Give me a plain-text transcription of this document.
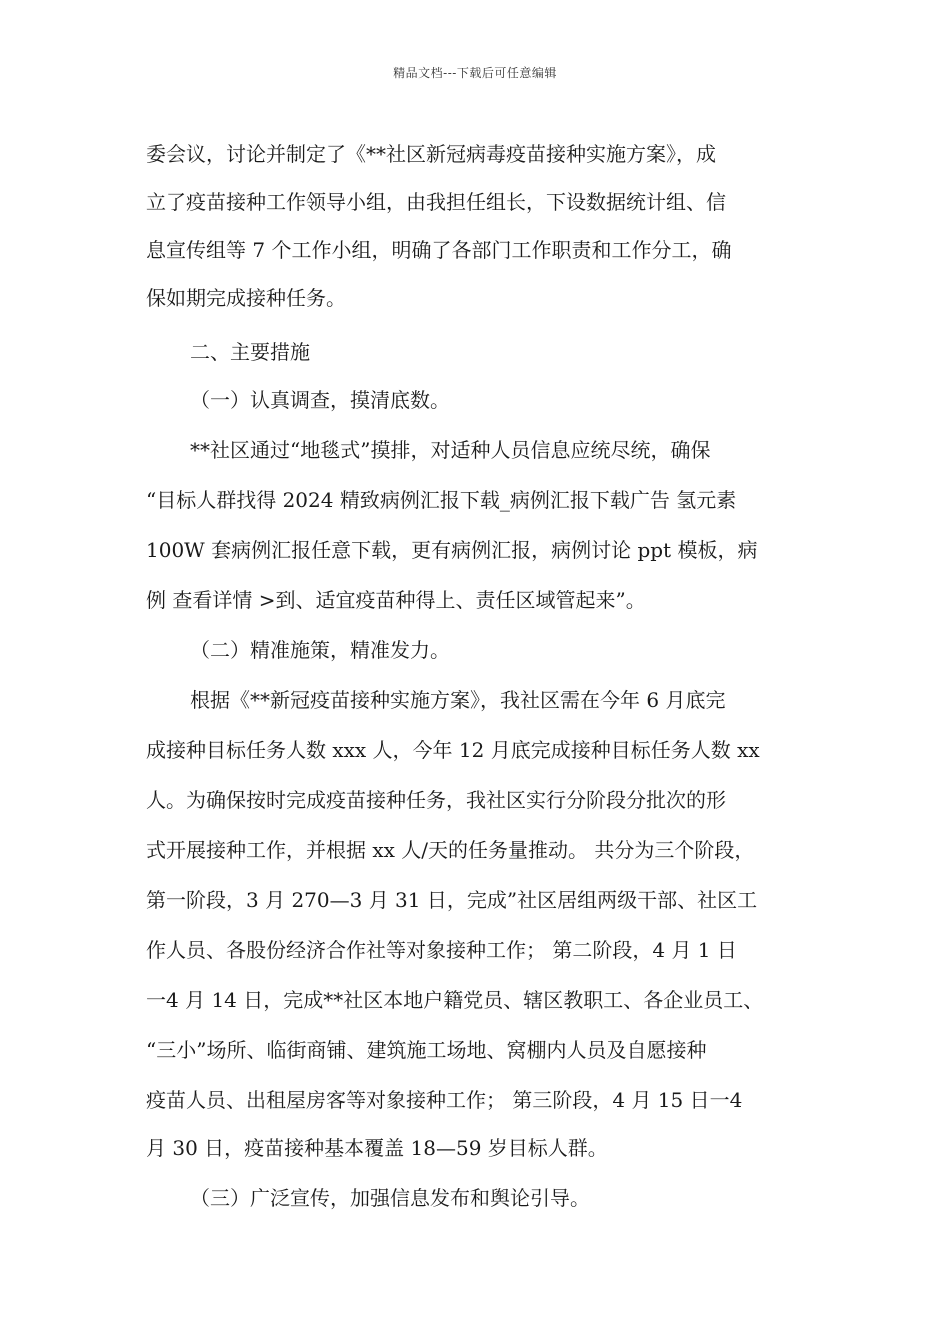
精品文档---下载后可任意编辑
委会议，讨论并制定了《**社区新冠病毒疫苗接种实施方案》，成
立了疫苗接种工作领导小组，由我担任组长，下设数据统计组、信
息宣传组等 7 个工作小组，明确了各部门工作职责和工作分工，确
保如期完成接种任务。
二、主要措施
（一）认真调查，摸清底数。
**社区通过“地毯式”摸排，对适种人员信息应统尽统，确保
“目标人群找得 2024 精致病例汇报下载_病例汇报下载广告 氢元素
100W 套病例汇报任意下载，更有病例汇报，病例讨论 ppt 模板，病
例 查看详情 >到、适宜疫苗种得上、责任区域管起来”。
（二）精准施策，精准发力。
根据《**新冠疫苗接种实施方案》，我社区需在今年 6 月底完
成接种目标任务人数 xxx 人，今年 12 月底完成接种目标任务人数 xx
人。为确保按时完成疫苗接种任务，我社区实行分阶段分批次的形
式开展接种工作，并根据 xx 人/天的任务量推动。 共分为三个阶段，
第一阶段，3 月 270—3 月 31 日，完成”社区居组两级干部、社区工
作人员、各股份经济合作社等对象接种工作； 第二阶段，4 月 1 日
一4 月 14 日，完成**社区本地户籍党员、辖区教职工、各企业员工、
“三小”场所、临街商铺、建筑施工场地、窝棚内人员及自愿接种
疫苗人员、出租屋房客等对象接种工作； 第三阶段，4 月 15 日一4
月 30 日，疫苗接种基本覆盖 18—59 岁目标人群。
（三）广泛宣传，加强信息发布和舆论引导。
